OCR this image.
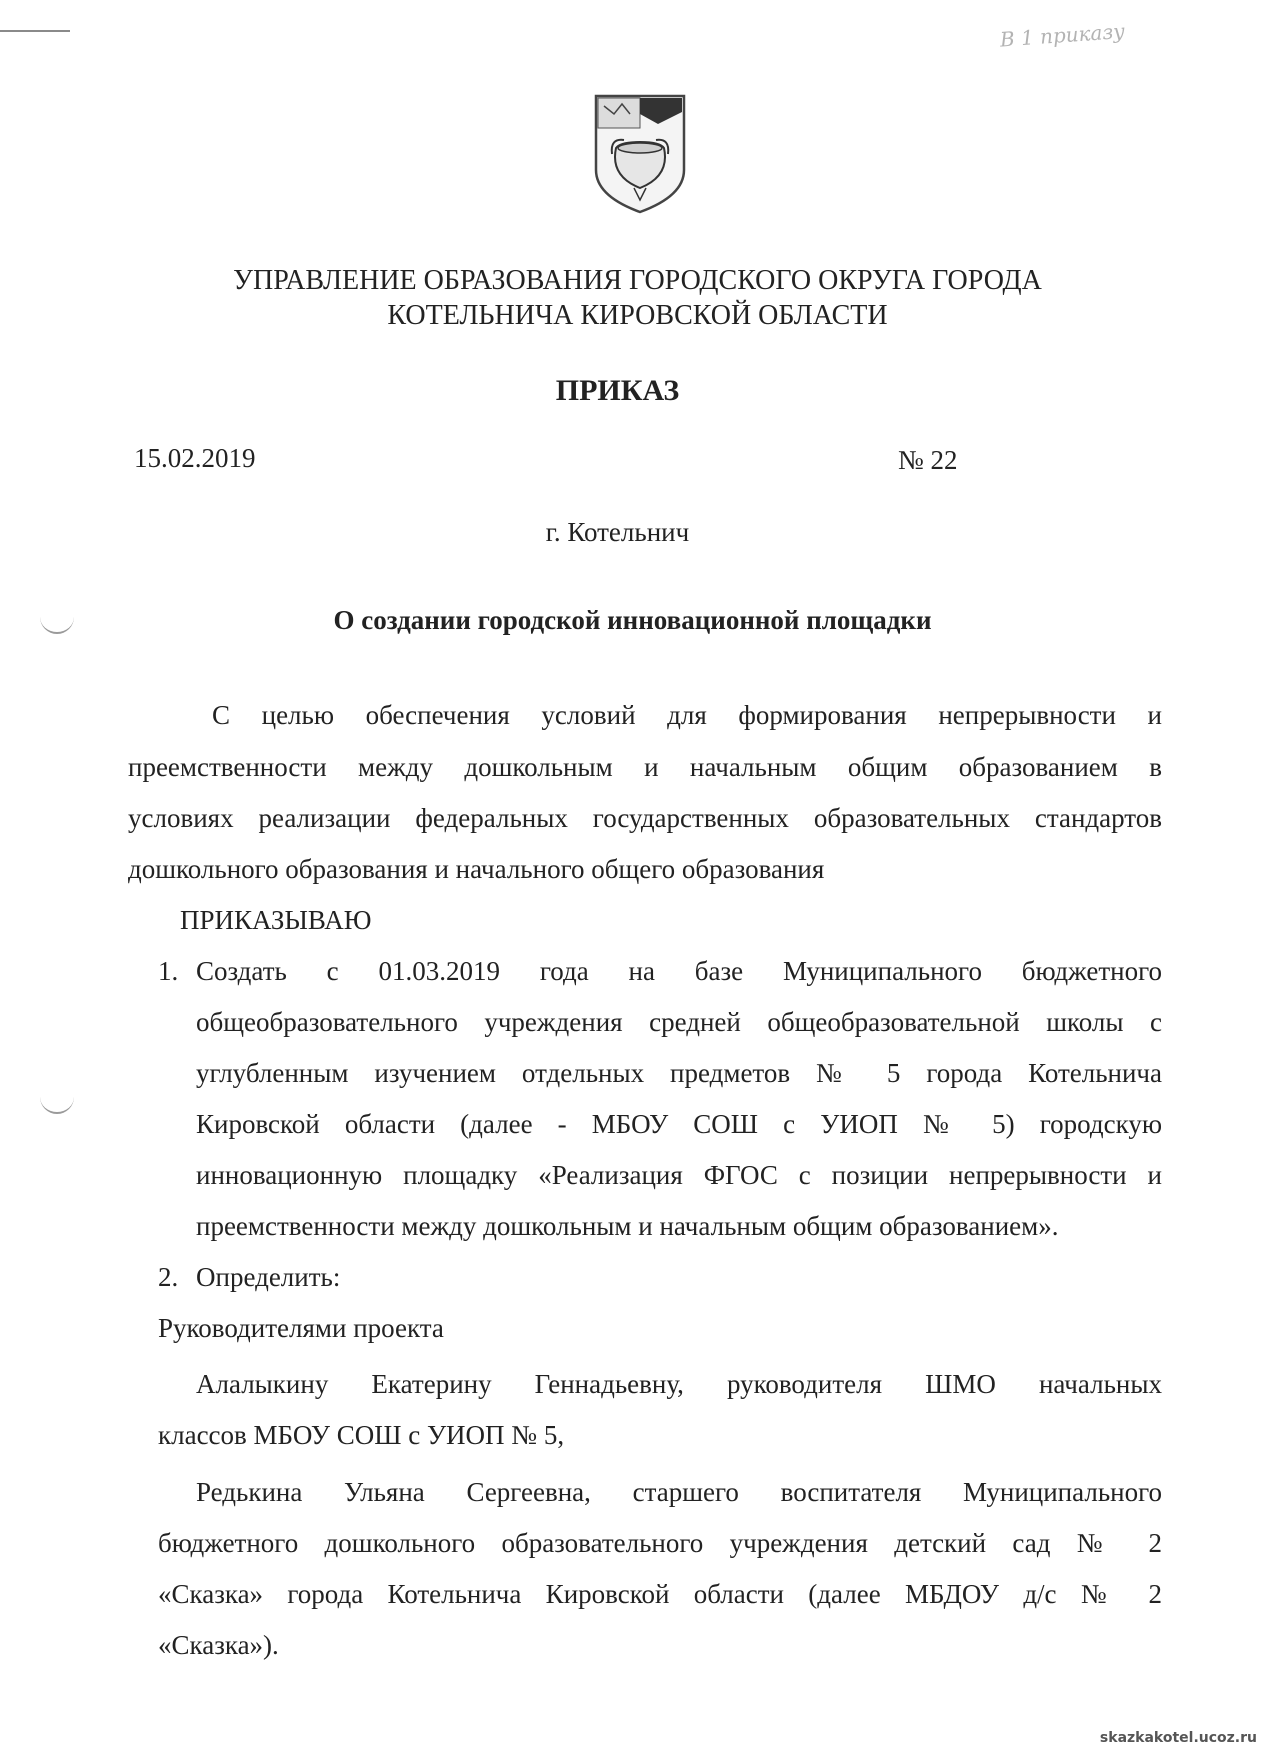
В 1 приказу
УПРАВЛЕНИЕ ОБРАЗОВАНИЯ ГОРОДСКОГО ОКРУГА ГОРОДА
КОТЕЛЬНИЧА КИРОВСКОЙ ОБЛАСТИ
ПРИКАЗ
15.02.2019	№ 22
г. Котельнич
О создании городской инновационной площадки
С целью обеспечения условий для формирования непрерывности и
преемственности между дошкольным и начальным общим образованием в
условиях реализации федеральных государственных образовательных стандартов
дошкольного образования и начального общего образования
ПРИКАЗЫВАЮ
1. Создать с 01.03.2019 года на базе Муниципального бюджетного
общеобразовательного учреждения средней общеобразовательной школы с
углубленным изучением отдельных предметов № 5 города Котельнича
Кировской области (далее - МБОУ СОШ с УИОП № 5) городскую
инновационную площадку «Реализация ФГОС с позиции непрерывности и
преемственности между дошкольным и начальным общим образованием».
2. Определить:
Руководителями проекта
Алалыкину Екатерину Геннадьевну, руководителя ШМО начальных
классов МБОУ СОШ с УИОП № 5,
Редькина Ульяна Сергеевна, старшего воспитателя Муниципального
бюджетного дошкольного образовательного учреждения детский сад № 2
«Сказка» города Котельнича Кировской области (далее МБДОУ д/с № 2
«Сказка»).
skazkakotel.ucoz.ru
